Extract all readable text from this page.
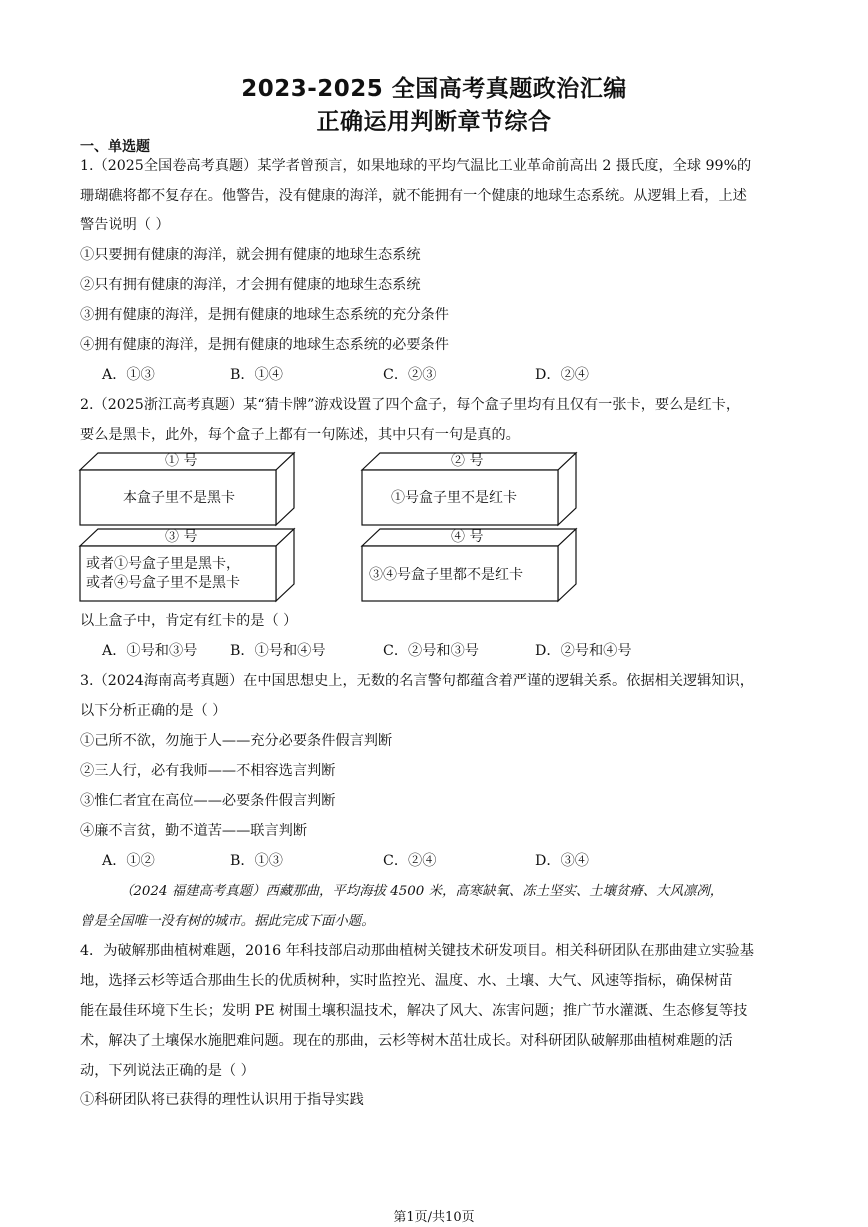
2023-2025 全国高考真题政治汇编
正确运用判断章节综合
一、单选题
1.（2025全国卷高考真题）某学者曾预言，如果地球的平均气温比工业革命前高出 2 摄氏度，全球 99%的
珊瑚礁将都不复存在。他警告，没有健康的海洋，就不能拥有一个健康的地球生态系统。从逻辑上看，上述
警告说明（ ）
①只要拥有健康的海洋，就会拥有健康的地球生态系统
②只有拥有健康的海洋，才会拥有健康的地球生态系统
③拥有健康的海洋，是拥有健康的地球生态系统的充分条件
④拥有健康的海洋，是拥有健康的地球生态系统的必要条件
A．①③	B．①④	C．②③	D．②④
2.（2025浙江高考真题）某“猜卡牌”游戏设置了四个盒子，每个盒子里均有且仅有一张卡，要么是红卡，
要么是黑卡，此外，每个盒子上都有一句陈述，其中只有一句是真的。
① 号
本盒子里不是黑卡
② 号
①号盒子里不是红卡
③ 号
或者①号盒子里是黑卡，
或者④号盒子里不是黑卡
④ 号
③④号盒子里都不是红卡
以上盒子中，肯定有红卡的是（ ）
A．①号和③号 B．①号和④号	C．②号和③号	D．②号和④号
3.（2024海南高考真题）在中国思想史上，无数的名言警句都蕴含着严谨的逻辑关系。依据相关逻辑知识，
以下分析正确的是（ ）
①己所不欲，勿施于人——充分必要条件假言判断
②三人行，必有我师——不相容选言判断
③惟仁者宜在高位——必要条件假言判断
④廉不言贫，勤不道苦——联言判断
A．①②	B．①③	C．②④	D．③④
（2024 福建高考真题）西藏那曲，平均海拔 4500 米，高寒缺氧、冻土坚实、土壤贫瘠、大风凛冽，
曾是全国唯一没有树的城市。据此完成下面小题。
4．为破解那曲植树难题，2016 年科技部启动那曲植树关键技术研发项目。相关科研团队在那曲建立实验基
地，选择云杉等适合那曲生长的优质树种，实时监控光、温度、水、土壤、大气、风速等指标，确保树苗
能在最佳环境下生长；发明 PE 树围土壤积温技术，解决了风大、冻害问题；推广节水灌溉、生态修复等技
术，解决了土壤保水施肥难问题。现在的那曲，云杉等树木茁壮成长。对科研团队破解那曲植树难题的活
动，下列说法正确的是（ ）
①科研团队将已获得的理性认识用于指导实践
第1页/共10页
